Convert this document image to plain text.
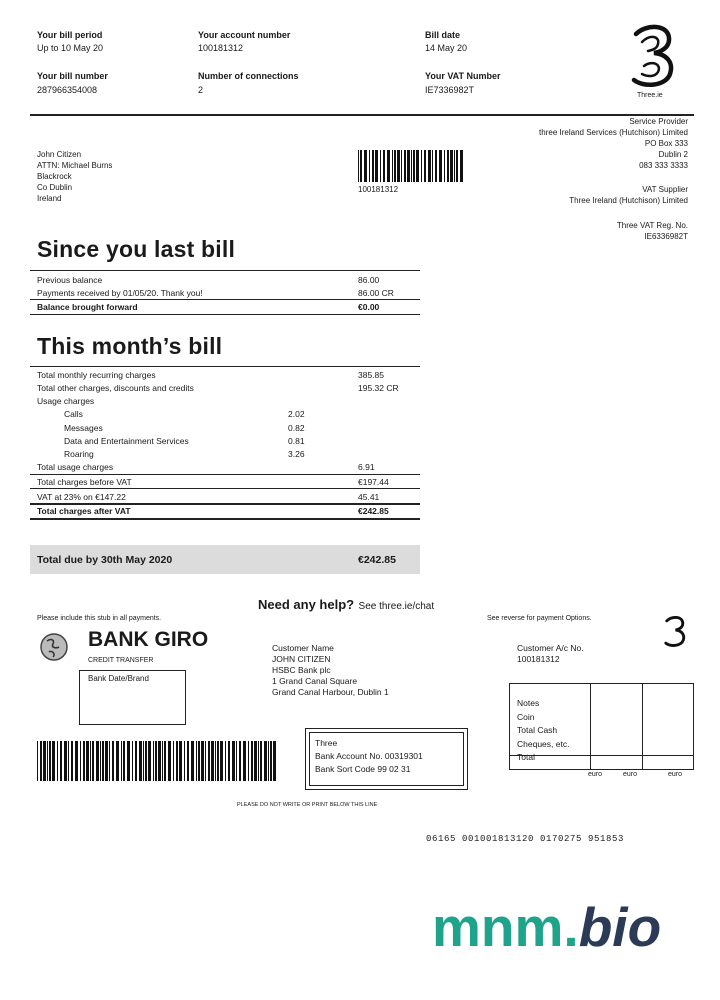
Your bill period
Up to 10 May 20
Your account number
100181312
Bill date
14 May 20
Your bill number
287966354008
Number of connections
2
Your VAT Number
IE7336982T
Three.ie
Service Provider
three Ireland Services (Hutchison) Limited
PO Box 333
Dublin 2
083 333 3333
VAT Supplier
Three Ireland (Hutchison) Limited
Three VAT Reg. No.
IE6336982T
John Citizen
ATTN: Michael Burns
Blackrock
Co Dublin
Ireland
100181312
Since you last bill
Previous balance	86.00
Payments received by 01/05/20. Thank you!	86.00 CR
Balance brought forward	€0.00
This month’s bill
Total monthly recurring charges	385.85
Total other charges, discounts and credits	195.32 CR
Usage charges
Calls	2.02
Messages	0.82
Data and Entertainment Services	0.81
Roaring	3.26
Total usage charges	6.91
Total charges before VAT	€197.44
VAT at 23% on €147.22	45.41
Total charges after VAT	€242.85
Total due by 30th May 2020	€242.85
Need any help? See three.ie/chat
Please include this stub in all payments.	See reverse for payment Options.
BANK GIRO
CREDIT TRANSFER
Bank Date/Brand
Customer Name
JOHN CITIZEN
HSBC Bank plc
1 Grand Canal Square
Grand Canal Harbour, Dublin 1
Customer A/c No.
100181312
Notes
Coin
Total Cash
Cheques, etc.
Total
euro	euro	euro
Three
Bank Account No. 00319301
Bank Sort Code 99 02 31
PLEASE DO NOT WRITE OR PRINT BELOW THIS LINE
06165 001001813120 0170275 951853
mnm.bio
